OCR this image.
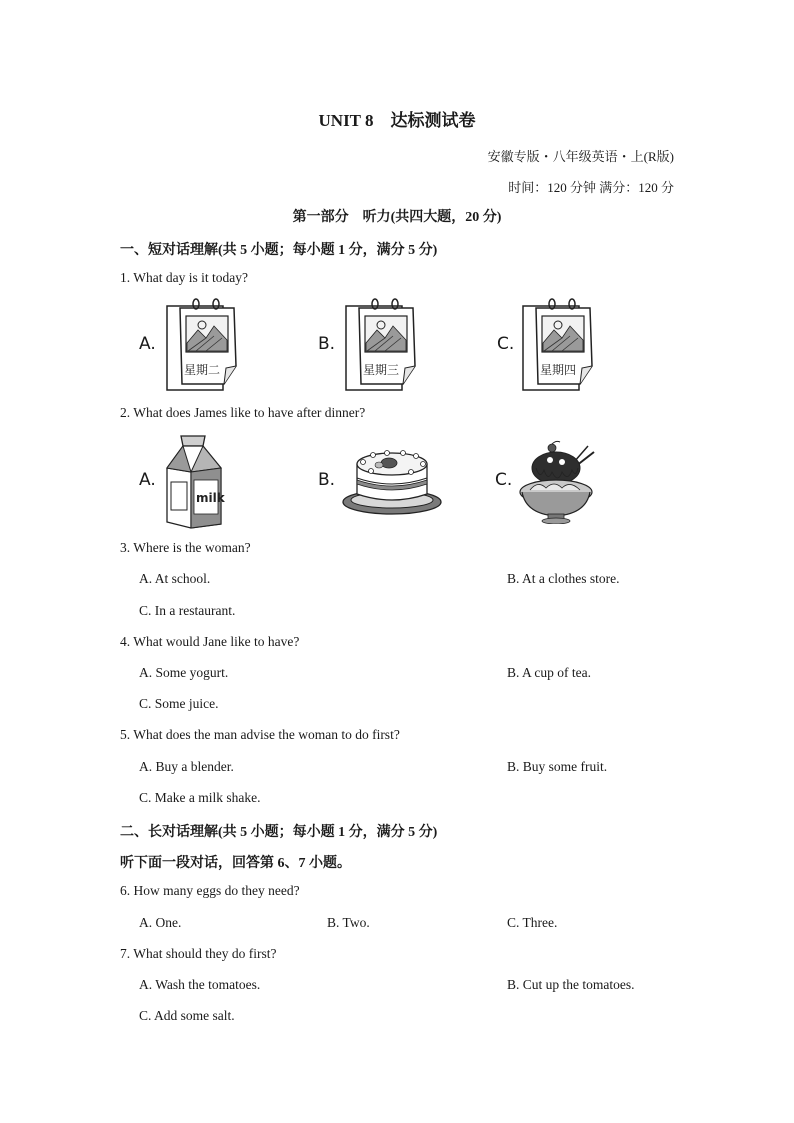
UNIT 8　达标测试卷
安徽专版・八年级英语・上(R版)
时间：120 分钟 满分：120 分
第一部分　听力(共四大题，20 分)
一、短对话理解(共 5 小题；每小题 1 分，满分 5 分)
1. What day is it today?
A.	B.	C.
星期二	星期三	星期四
2. What does James like to have after dinner?
A.	B.	C.
milk
3. Where is the woman?
A. At school.	B. At a clothes store.
C. In a restaurant.
4. What would Jane like to have?
A. Some yogurt.	B. A cup of tea.
C. Some juice.
5. What does the man advise the woman to do first?
A. Buy a blender.	B. Buy some fruit.
C. Make a milk shake.
二、长对话理解(共 5 小题；每小题 1 分，满分 5 分)
听下面一段对话，回答第 6、7 小题。
6. How many eggs do they need?
A. One.	B. Two.	C. Three.
7. What should they do first?
A. Wash the tomatoes.	B. Cut up the tomatoes.
C. Add some salt.
